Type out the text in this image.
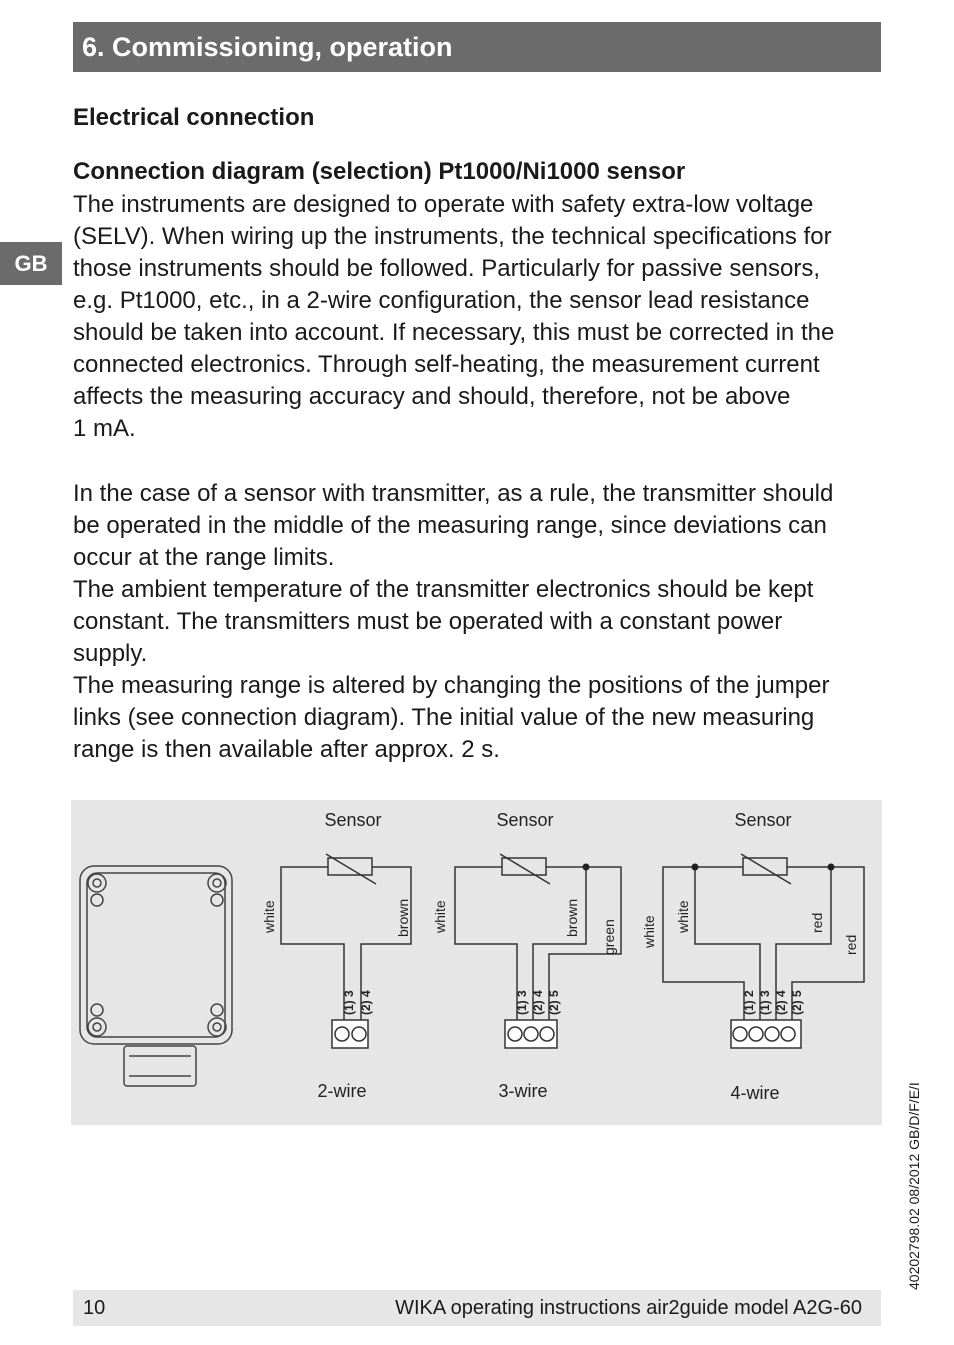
6. Commissioning, operation
GB
Electrical connection
Connection diagram (selection) Pt1000/Ni1000 sensor

The instruments are designed to operate with safety extra-low voltage
(SELV). When wiring up the instruments, the technical specifications for
those instruments should be followed. Particularly for passive sensors,
e.g. Pt1000, etc., in a 2-wire configuration, the sensor lead resistance
should be taken into account. If necessary, this must be corrected in the
connected electronics. Through self-heating, the measurement current
affects the measuring accuracy and should, therefore, not be above
1 mA.

In the case of a sensor with transmitter, as a rule, the transmitter should
be operated in the middle of the measuring range, since deviations can
occur at the range limits.
The ambient temperature of the transmitter electronics should be kept
constant. The transmitters must be operated with a constant power
supply.
The measuring range is altered by changing the positions of the jumper
links (see connection diagram). The initial value of the new measuring
range is then available after approx. 2 s.

Sensor
white	brown
(1) 3 (2) 4
2-wire
Sensor
white	brown
green
(1) 3 (2) 4 (2) 5
3-wire
Sensor
white white	red
red
(1) 2 (1) 3 (2) 4 (2) 5
4-wire
10	WIKA operating instructions air2guide model A2G-60
40202798.02 08/2012 GB/D/F/E/I
